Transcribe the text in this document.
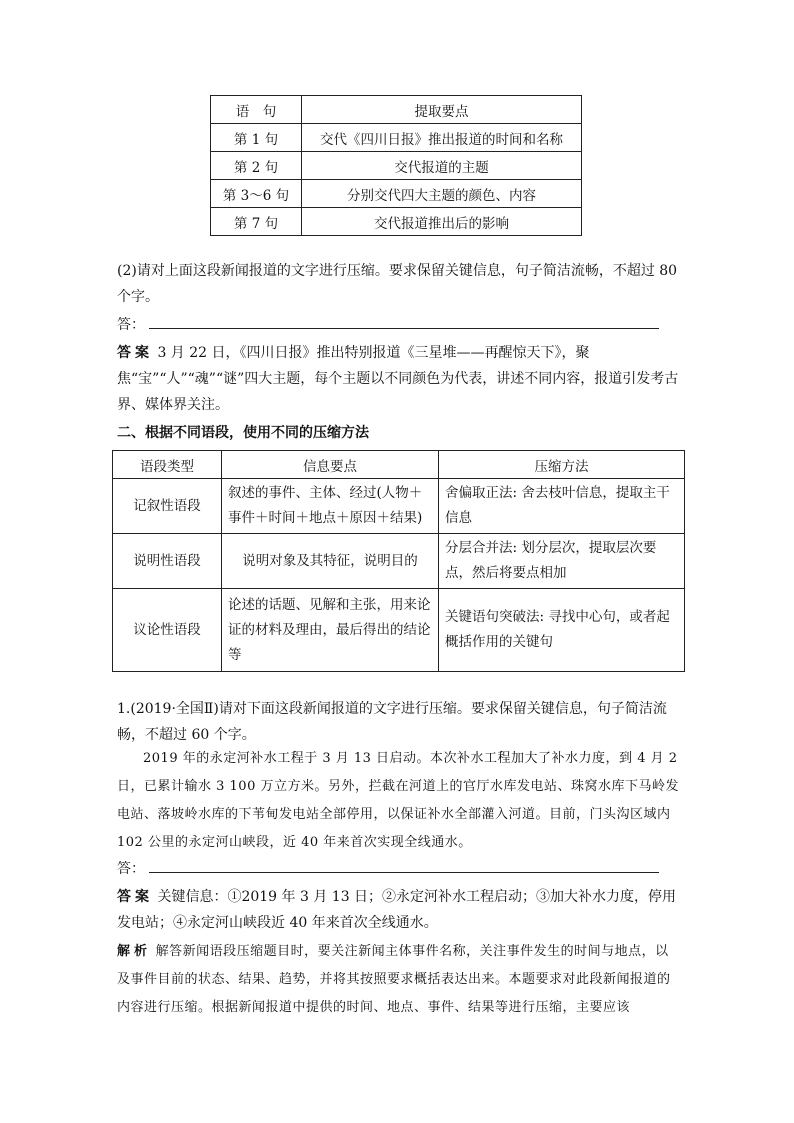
语　句	提取要点
第 1 句	交代《四川日报》推出报道的时间和名称
第 2 句	交代报道的主题
第 3～6 句	分别交代四大主题的颜色、内容
第 7 句	交代报道推出后的影响
(2)请对上面这段新闻报道的文字进行压缩。要求保留关键信息，句子简洁流畅，不超过 80 个字。
答：
答案 3 月 22 日，《四川日报》推出特别报道《三星堆——再醒惊天下》，聚焦“宝”“人”“魂”“谜”四大主题，每个主题以不同颜色为代表，讲述不同内容，报道引发考古界、媒体界关注。
二、根据不同语段，使用不同的压缩方法
语段类型	信息要点	压缩方法
记叙性语段	叙述的事件、主体、经过(人物＋事件＋时间＋地点＋原因＋结果)	舍偏取正法: 舍去枝叶信息，提取主干信息
说明性语段	说明对象及其特征，说明目的	分层合并法: 划分层次，提取层次要点，然后将要点相加
议论性语段	论述的话题、见解和主张，用来论证的材料及理由，最后得出的结论等	关键语句突破法: 寻找中心句，或者起概括作用的关键句
1.(2019·全国Ⅱ)请对下面这段新闻报道的文字进行压缩。要求保留关键信息，句子简洁流畅，不超过 60 个字。
2019 年的永定河补水工程于 3 月 13 日启动。本次补水工程加大了补水力度，到 4 月 2 日，已累计输水 3 100 万立方米。另外，拦截在河道上的官厅水库发电站、珠窝水库下马岭发电站、落坡岭水库的下苇甸发电站全部停用，以保证补水全部灌入河道。目前，门头沟区域内 102 公里的永定河山峡段，近 40 年来首次实现全线通水。
答：
答案 关键信息：①2019 年 3 月 13 日；②永定河补水工程启动；③加大补水力度，停用发电站；④永定河山峡段近 40 年来首次全线通水。
解析 解答新闻语段压缩题目时，要关注新闻主体事件名称，关注事件发生的时间与地点，以及事件目前的状态、结果、趋势，并将其按照要求概括表达出来。本题要求对此段新闻报道的内容进行压缩。根据新闻报道中提供的时间、地点、事件、结果等进行压缩，主要应该
